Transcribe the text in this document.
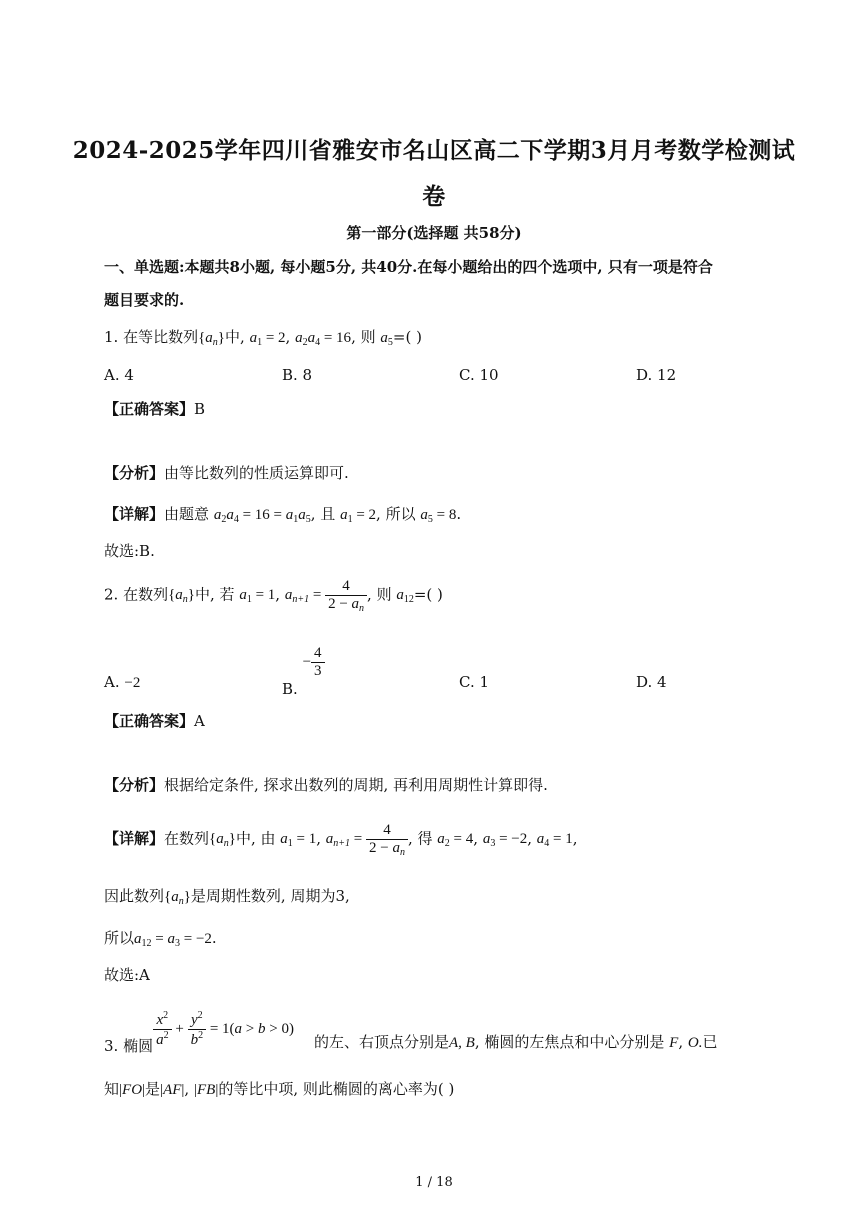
2024-2025学年四川省雅安市名山区高二下学期3月月考数学检测试
卷
第一部分(选择题 共58分)
一、单选题:本题共8小题, 每小题5分, 共40分.在每小题给出的四个选项中, 只有一项是符合
题目要求的.
1. 在等比数列$\{a_n\}$中, $a_1 = 2$, $a_2a_4 = 16$, 则 $a_5=$( )
A. 4	B. 8	C. 10	D. 12
【正确答案】B
【分析】由等比数列的性质运算即可.
【详解】由题意 $a_2a_4 = 16 = a_1a_5$, 且 $a_1 = 2$, 所以 $a_5 = 8$.
故选:B.
2. 在数列$\{a_n\}$中, 若 $a_1 = 1$, $a_{n+1} = \frac{4}{2 - a_n}$ , 则 $a_{12}=$( )
A. −2	B. − $\frac{4}{3}$
C. 1	D. 4
【正确答案】A
【分析】根据给定条件, 探求出数列的周期, 再利用周期性计算即得.
【详解】在数列$\{a_n\}$中, 由 $a_1 = 1$, $a_{n+1} = \frac{4}{2 - a_n}$ , 得 $a_2 = 4$, $a_3 = -2$, $a_4 = 1$,
因此数列$\{a_n\}$是周期性数列, 周期为3,
所以$a_{12} = a_3 = -2$.
故选:A
3. 椭圆 $\frac{x^2}{a^2} + \frac{y^2}{b^2} = 1(a > b > 0)$
的左、右顶点分别是A, B, 椭圆的左焦点和中心分别是 F, O.已
知|FO|是|AF|, |FB|的等比中项, 则此椭圆的离心率为( )
1 / 18
